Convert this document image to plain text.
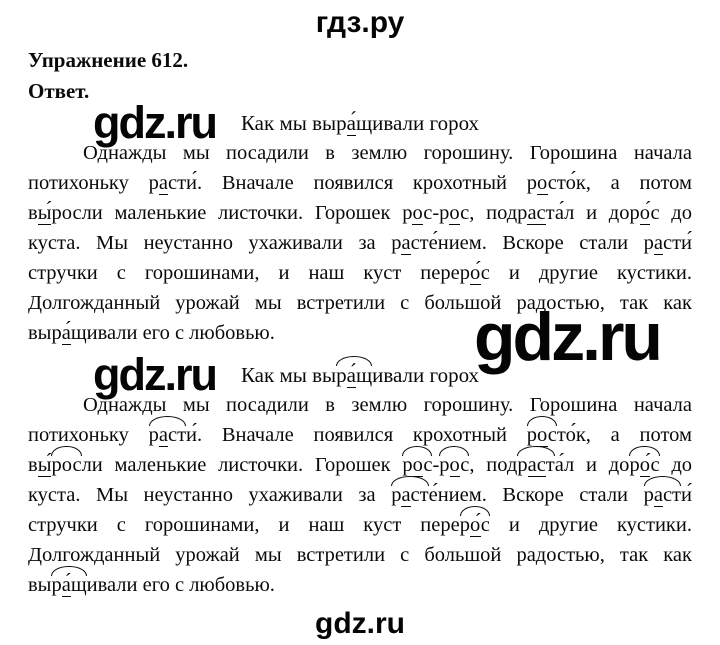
gdz.ru
gdz.ru
gdz.ru
гдз.ру
Упражнение 612.
Ответ.
Как мы выра́щивали горох
Однажды мы посадили в землю горошину. Горошина начала
потихоньку расти́. Вначале появился крохотный росто́к, а потом
вы́росли маленькие листочки. Горошек рос-рос, подраста́л и доро́с до
куста. Мы неустанно ухаживали за расте́нием. Вскоре стали расти́
стручки с горошинами, и наш куст переро́с и другие кустики.
Долгожданный урожай мы встретили с большой радостью, так как
выра́щивали его с любовью.
Как мы выра́щивали горох
Однажды мы посадили в землю горошину. Горошина начала
потихоньку расти́. Вначале появился крохотный росто́к, а потом
вы́росли маленькие листочки. Горошек рос-рос, подраста́л и доро́с до
куста. Мы неустанно ухаживали за расте́нием. Вскоре стали расти́
стручки с горошинами, и наш куст переро́с и другие кустики.
Долгожданный урожай мы встретили с большой радостью, так как
выра́щивали его с любовью.
gdz.ru
